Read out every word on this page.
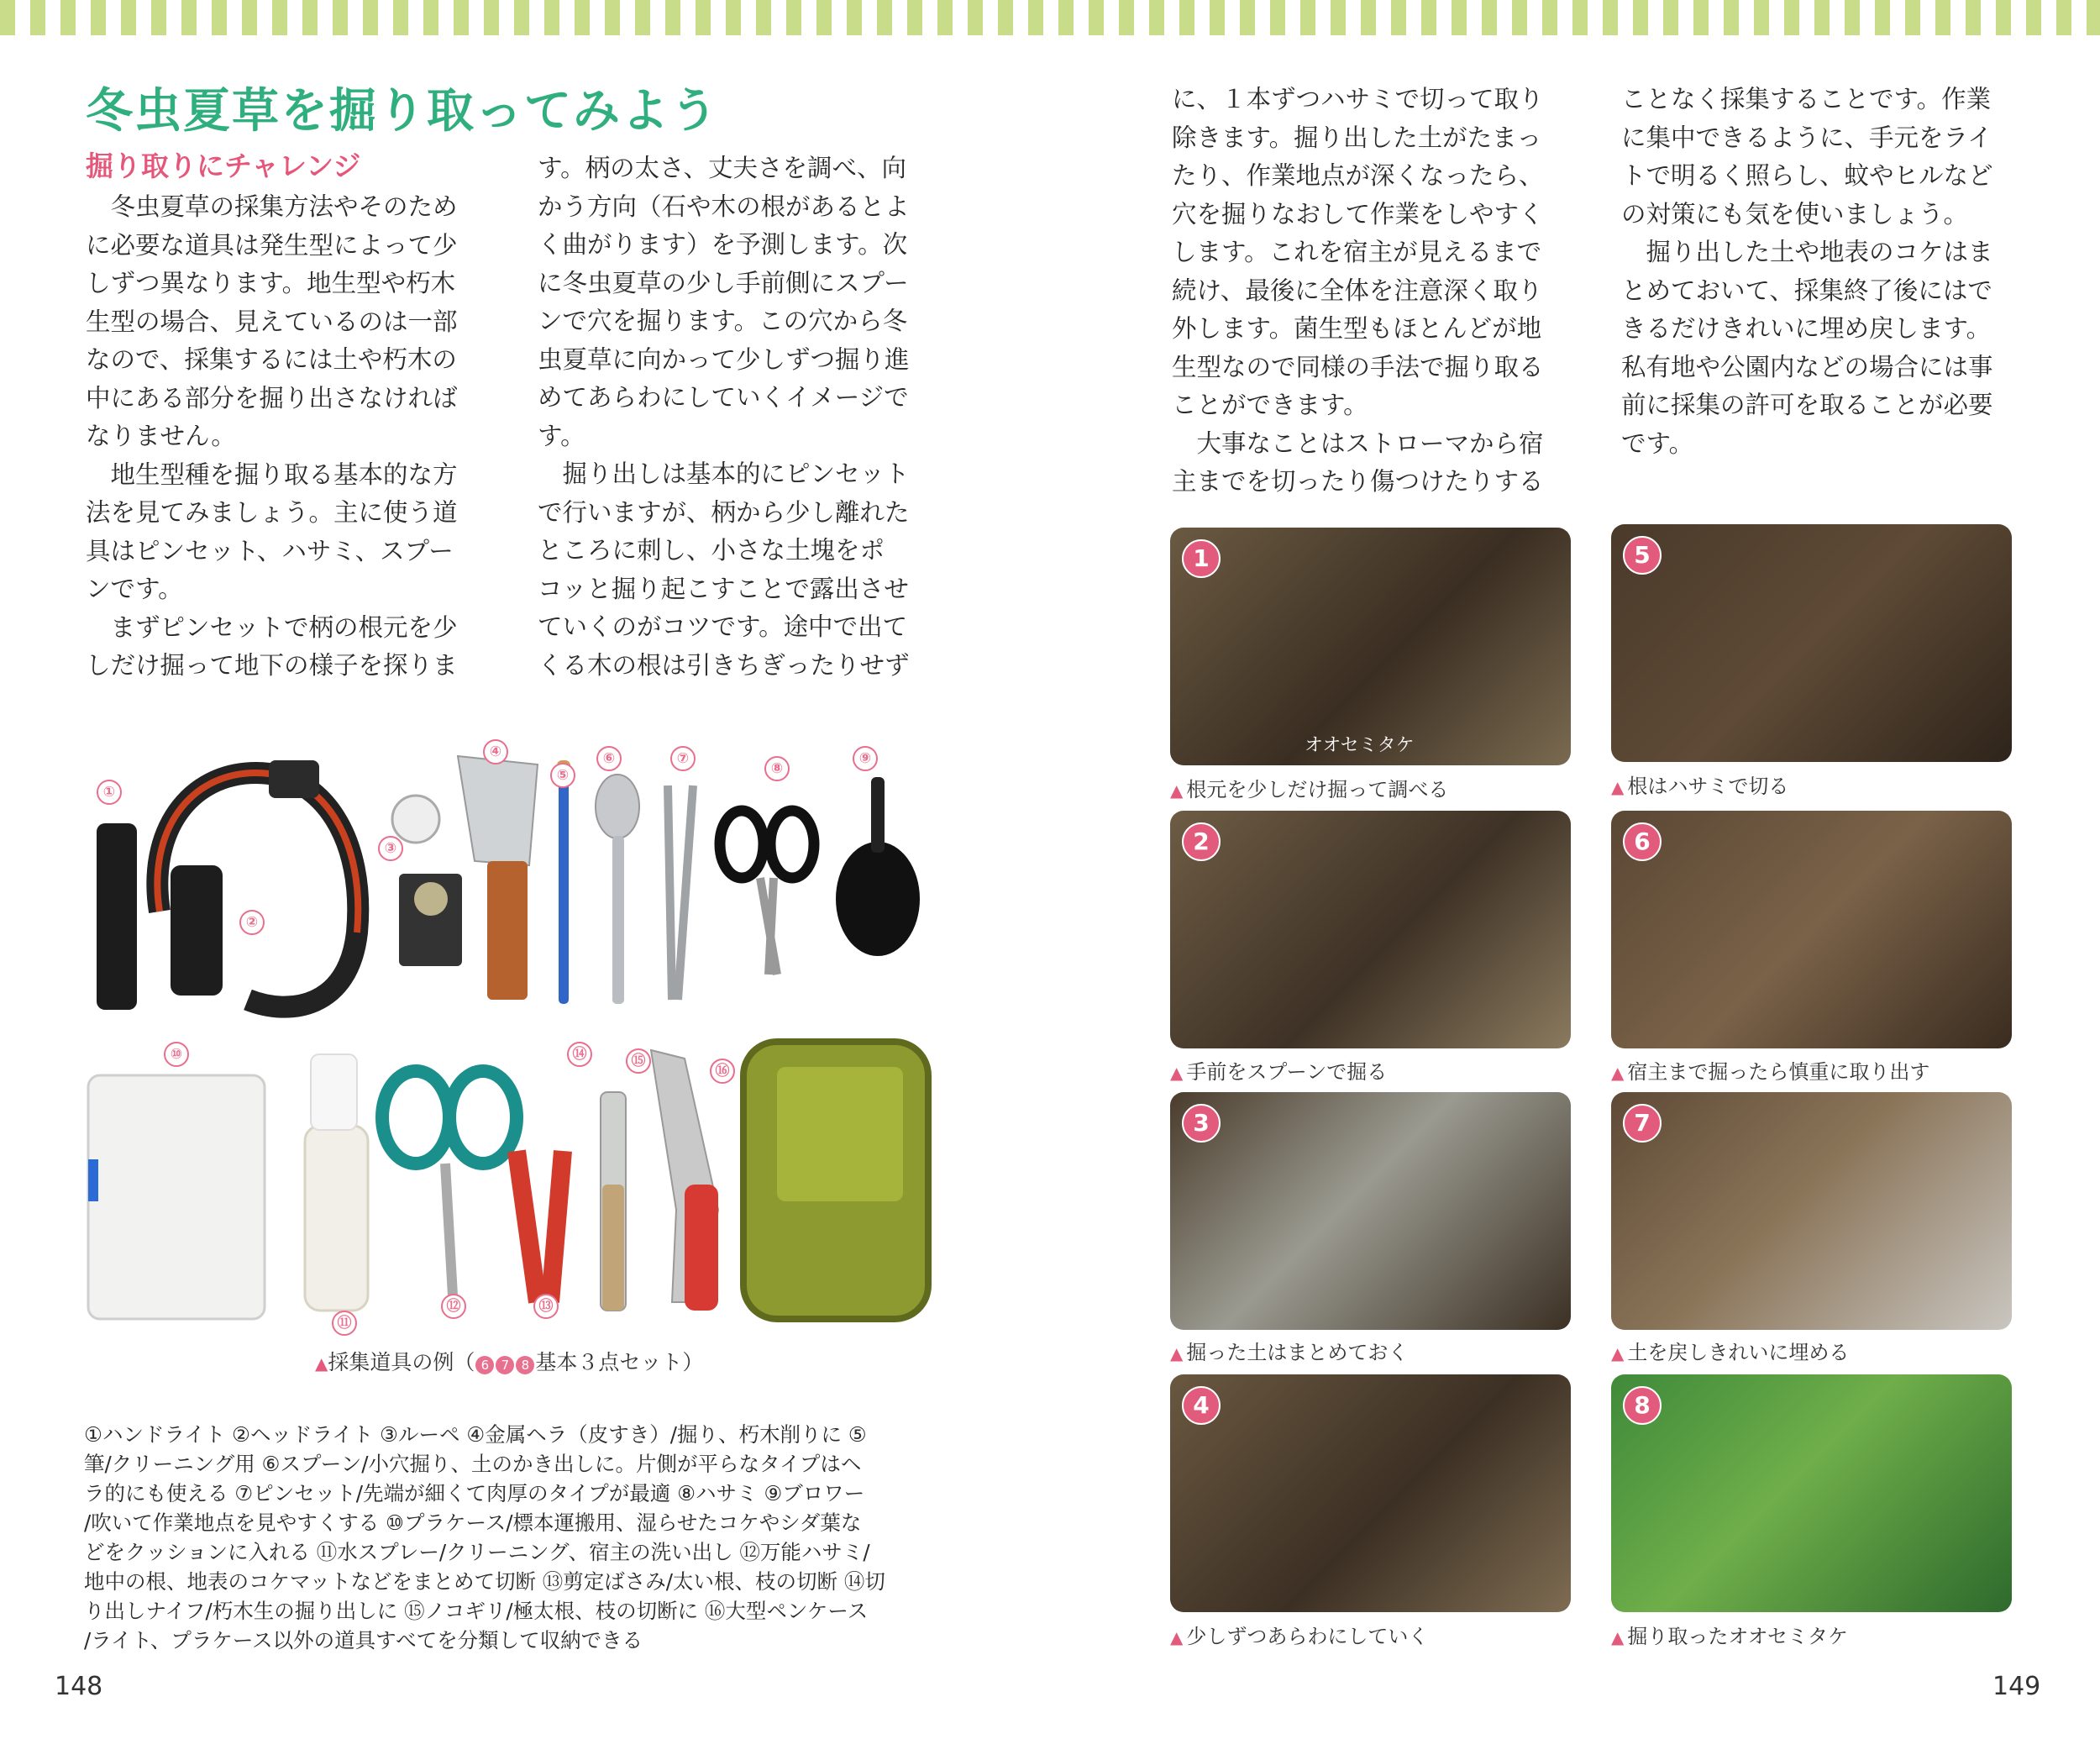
冬虫夏草を掘り取ってみよう
掘り取りにチャレンジ
　冬虫夏草の採集方法やそのため
に必要な道具は発生型によって少
しずつ異なります。地生型や朽木
生型の場合、見えているのは一部
なので、採集するには土や朽木の
中にある部分を掘り出さなければ
なりません。
　地生型種を掘り取る基本的な方
法を見てみましょう。主に使う道
具はピンセット、ハサミ、スプー
ンです。
　まずピンセットで柄の根元を少
しだけ掘って地下の様子を探りま
す。柄の太さ、丈夫さを調べ、向
かう方向（石や木の根があるとよ
く曲がります）を予測します。次
に冬虫夏草の少し手前側にスプー
ンで穴を掘ります。この穴から冬
虫夏草に向かって少しずつ掘り進
めてあらわにしていくイメージで
す。
　掘り出しは基本的にピンセット
で行いますが、柄から少し離れた
ところに刺し、小さな土塊をポ
コッと掘り起こすことで露出させ
ていくのがコツです。途中で出て
くる木の根は引きちぎったりせず
に、１本ずつハサミで切って取り
除きます。掘り出した土がたまっ
たり、作業地点が深くなったら、
穴を掘りなおして作業をしやすく
します。これを宿主が見えるまで
続け、最後に全体を注意深く取り
外します。菌生型もほとんどが地
生型なので同様の手法で掘り取る
ことができます。
　大事なことはストローマから宿
主までを切ったり傷つけたりする
ことなく採集することです。作業
に集中できるように、手元をライ
トで明るく照らし、蚊やヒルなど
の対策にも気を使いましょう。
　掘り出した土や地表のコケはま
とめておいて、採集終了後にはで
きるだけきれいに埋め戻します。
私有地や公園内などの場合には事
前に採集の許可を取ることが必要
です。
①
②
③
④
⑤
⑥	⑦
⑧
⑨
⑩
⑪
⑫	⑬
⑭	⑮
⑯
▲採集道具の例（ 6 7 8 基本３点セット）
①ハンドライト ②ヘッドライト ③ルーペ ④金属ヘラ（皮すき）/掘り、朽木削りに ⑤
筆/クリーニング用 ⑥スプーン/小穴掘り、土のかき出しに。片側が平らなタイプはヘ
ラ的にも使える ⑦ピンセット/先端が細くて肉厚のタイプが最適 ⑧ハサミ ⑨ブロワー
/吹いて作業地点を見やすくする ⑩プラケース/標本運搬用、湿らせたコケやシダ葉な
どをクッションに入れる ⑪水スプレー/クリーニング、宿主の洗い出し ⑫万能ハサミ/
地中の根、地表のコケマットなどをまとめて切断 ⑬剪定ばさみ/太い根、枝の切断 ⑭切
り出しナイフ/朽木生の掘り出しに ⑮ノコギリ/極太根、枝の切断に ⑯大型ペンケース
/ライト、プラケース以外の道具すべてを分類して収納できる
1
オオセミタケ
▲ 根元を少しだけ掘って調べる
5
▲ 根はハサミで切る
2
▲ 手前をスプーンで掘る
6
▲ 宿主まで掘ったら慎重に取り出す
3
▲ 掘った土はまとめておく
7
▲ 土を戻しきれいに埋める
4
▲ 少しずつあらわにしていく
8
▲ 掘り取ったオオセミタケ
148	149
